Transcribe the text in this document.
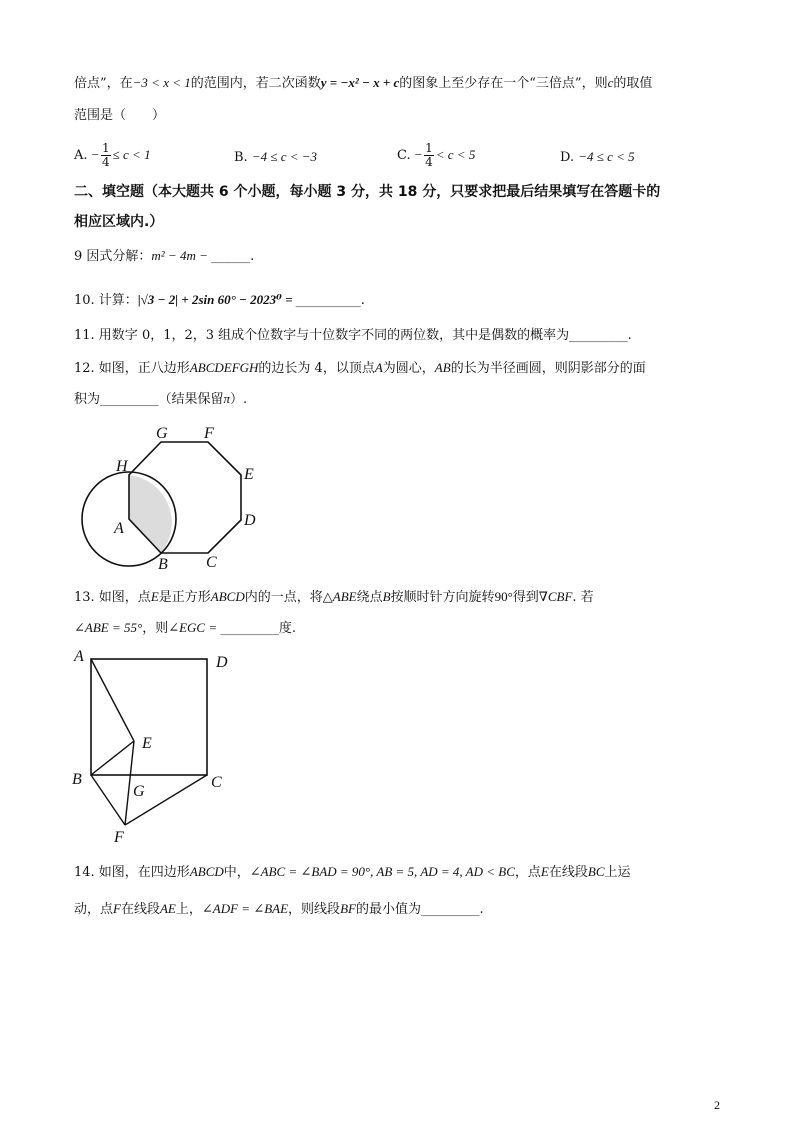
倍点”，在−3 < x < 1的范围内，若二次函数y = −x² − x + c的图象上至少存在一个“三倍点”，则c的取值
范围是（　　）
A. − $\frac{1}{4} \le c < 1$	B. −4 ≤ c < −3	C. − $\frac{1}{4} < c < 5$	D. −4 ≤ c < 5
二、填空题（本大题共 6 个小题，每小题 3 分，共 18 分，只要求把最后结果填写在答题卡的
相应区域内.）
9 因式分解：m² − 4m − ______.
10. 计算：|√3 − 2| + 2sin 60° − 2023⁰ = __________.
11. 用数字 0，1，2，3 组成个位数字与十位数字不同的两位数，其中是偶数的概率为_________.
12. 如图，正八边形ABCDEFGH的边长为 4，以顶点A为圆心，AB的长为半径画圆，则阴影部分的面
积为_________（结果保留π）.
G F
H	E
A	D
B C
13. 如图，点E是正方形ABCD内的一点，将△ABE绕点B按顺时针方向旋转90°得到∇CBF. 若
∠ABE = 55°，则∠EGC = _________度.
A	D
E
B
G
C
F
14. 如图，在四边形ABCD中，∠ABC = ∠BAD = 90°, AB = 5, AD = 4, AD < BC，点E在线段BC上运
动，点F在线段AE上，∠ADF = ∠BAE，则线段BF的最小值为_________.
2
